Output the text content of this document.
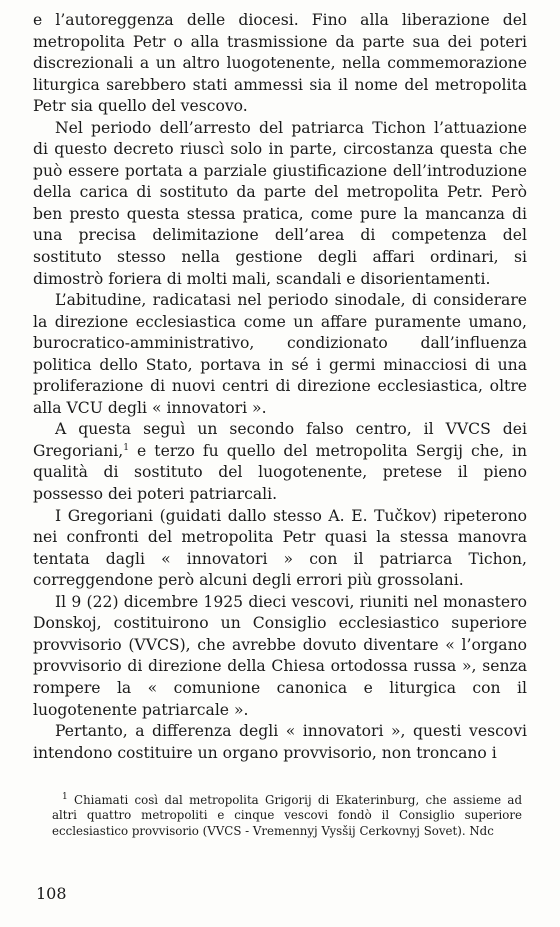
e l’autoreggenza delle diocesi. Fino alla liberazione del metropolita Petr o alla trasmissione da parte sua dei poteri discrezionali a un altro luogotenente, nella commemorazione liturgica sarebbero stati ammessi sia il nome del metropolita Petr sia quello del vescovo.

Nel periodo dell’arresto del patriarca Tichon l’attuazione di questo decreto riuscì solo in parte, circostanza questa che può essere portata a parziale giustificazione dell’introduzione della carica di sostituto da parte del metropolita Petr. Però ben presto questa stessa pratica, come pure la mancanza di una precisa delimitazione dell’area di competenza del sostituto stesso nella gestione degli affari ordinari, si dimostrò foriera di molti mali, scandali e disorientamenti.

L’abitudine, radicatasi nel periodo sinodale, di considerare la direzione ecclesiastica come un affare puramente umano, burocratico-amministrativo, condizionato dall’influenza politica dello Stato, portava in sé i germi minacciosi di una proliferazione di nuovi centri di direzione ecclesiastica, oltre alla VCU degli « innovatori ».

A questa seguì un secondo falso centro, il VVCS dei Gregoriani,$^1$ e terzo fu quello del metropolita Sergij che, in qualità di sostituto del luogotenente, pretese il pieno possesso dei poteri patriarcali.

I Gregoriani (guidati dallo stesso A. E. Tučkov) ripeterono nei confronti del metropolita Petr quasi la stessa manovra tentata dagli « innovatori » con il patriarca Tichon, correggendone però alcuni degli errori più grossolani.

Il 9 (22) dicembre 1925 dieci vescovi, riuniti nel monastero Donskoj, costituirono un Consiglio ecclesiastico superiore provvisorio (VVCS), che avrebbe dovuto diventare « l’organo provvisorio di direzione della Chiesa ortodossa russa », senza rompere la « comunione canonica e liturgica con il luogotenente patriarcale ».

Pertanto, a differenza degli « innovatori », questi vescovi intendono costituire un organo provvisorio, non troncano i

$^1$ Chiamati così dal metropolita Grigorij di Ekaterinburg, che assieme ad altri quattro metropoliti e cinque vescovi fondò il Consiglio superiore ecclesiastico provvisorio (VVCS - Vremennyj Vysšij Cerkovnyj Sovet). Ndc

108
